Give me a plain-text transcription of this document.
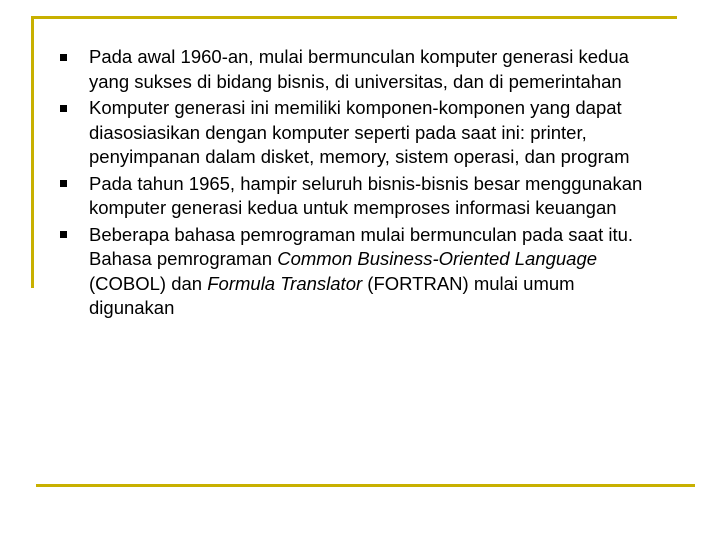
Pada awal 1960-an, mulai bermunculan komputer generasi kedua yang sukses di bidang bisnis, di universitas, dan di pemerintahan
Komputer generasi ini memiliki komponen-komponen yang dapat diasosiasikan dengan komputer seperti pada saat ini: printer, penyimpanan dalam disket, memory, sistem operasi, dan program
Pada tahun 1965, hampir seluruh bisnis-bisnis besar menggunakan komputer generasi kedua untuk memproses informasi keuangan
Beberapa bahasa pemrograman mulai bermunculan pada saat itu. Bahasa pemrograman Common Business-Oriented Language (COBOL) dan Formula Translator (FORTRAN) mulai umum digunakan
